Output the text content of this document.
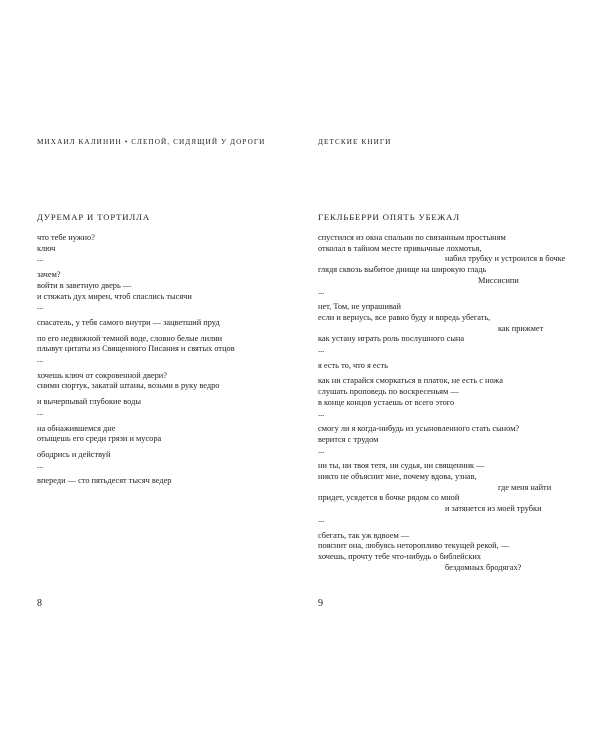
МИХАИЛ КАЛИНИН • СЛЕПОЙ, СИДЯЩИЙ У ДОРОГИ
ДУРЕМАР И ТОРТИЛЛА
что тебе нужно?
ключ
...
зачем?
войти в заветную дверь —
и стяжать дух мирен, чтоб спаслись тысячи
...
спасатель, у тебя самого внутри — зацветший пруд
по его недвижной темной воде, словно белые лилии
плывут цитаты из Священного Писания и святых отцов
...
хочешь ключ от сокровенной двери?
сними сюртук, закатай штаны, возьми в руку ведро
и вычерпывай глубокие воды
...
на обнажившемся дне
отыщешь его среди грязи и мусора
ободрись и действуй
...
впереди — сто пятьдесят тысяч ведер
8
ДЕТСКИЕ КНИГИ
ГЕКЛЬБЕРРИ ОПЯТЬ УБЕЖАЛ
спустился из окна спальни по связанным простыням
отколал в тайном месте привычные лохмотья,
набил трубку и устроился в бочке
глядя сквозь выбитое днище на широкую гладь
Миссисипи
...
нет, Том, не упрашивай
если и вернусь, все равно буду и впредь убегать,
как прижмет
как устану играть роль послушного сына
...
я есть то, что я есть
как ни старайся сморкаться в платок, не есть с ножа
слушать проповедь по воскресеньям —
в конце концов устаешь от всего этого
...
смогу ли я когда-нибудь из усыновленного стать сыном?
верится с трудом
...
ни ты, ни твоя тетя, ни судья, ни священник —
никто не объяснит мне, почему вдова, узнав,
где меня найти
придет, усядется в бочке рядом со мной
и затянется из моей трубки
...
сбегать, так уж вдвоем —
пояснит она, любуясь неторопливо текущей рекой, —
хочешь, прочту тебе что-нибудь о библейских
бездомных бродягах?
9
